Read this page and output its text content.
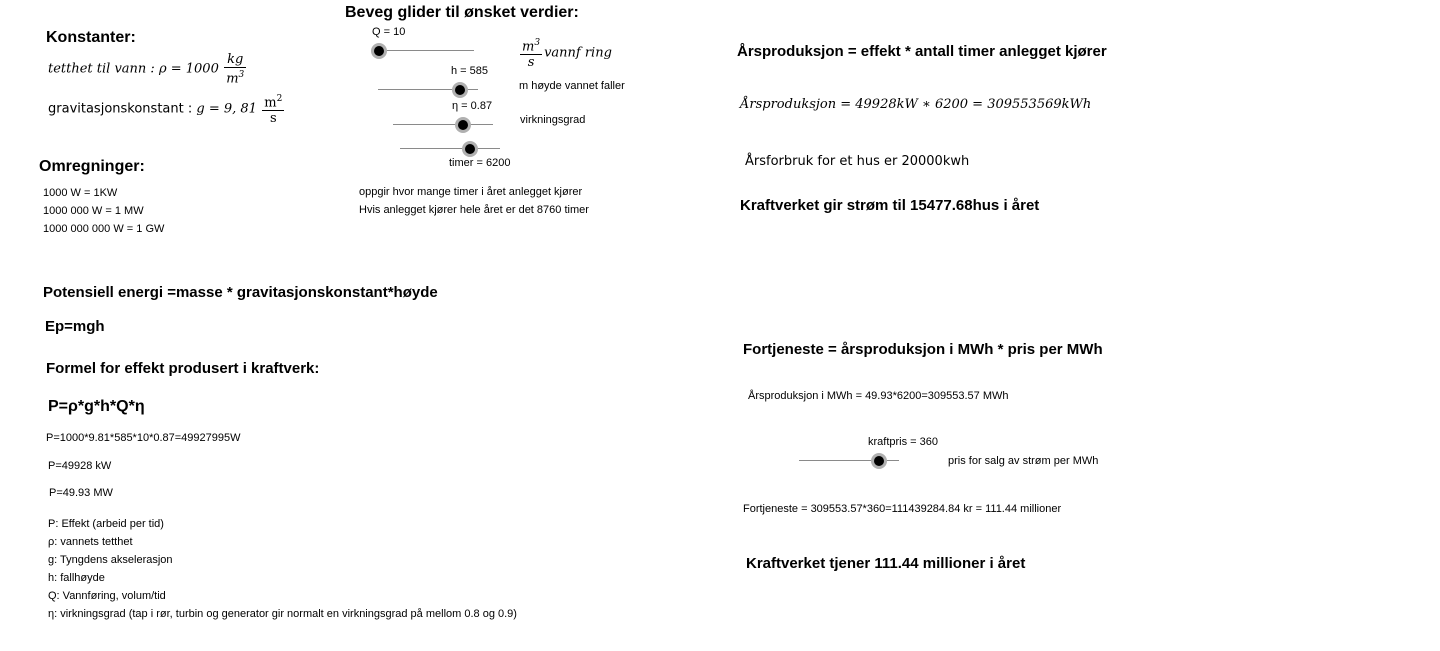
Konstanter:
tetthet til vann : $\rho = 1000 \frac{kg}{m^3}$
gravitasjonskonstant : g = 9, $81 \frac{m^2}{s}$
Omregninger:
1000 W = 1KW
1000 000 W = 1 MW
1000 000 000 W = 1 GW
Beveg glider til ønsket verdier:
Q = 10
$\frac{m^3}{s}$ vannf ring
h = 585
m høyde vannet faller
η = 0.87
virkningsgrad
timer = 6200
oppgir hvor mange timer i året anlegget kjører
Hvis anlegget kjører hele året er det 8760 timer
Potensiell energi =masse * gravitasjonskonstant*høyde
Ep=mgh
Formel for effekt produsert i kraftverk:
P=ρ*g*h*Q*η
P=1000*9.81*585*10*0.87=49927995W
P=49928 kW
P=49.93 MW
P: Effekt (arbeid per tid)
ρ: vannets tetthet
g: Tyngdens akselerasjon
h: fallhøyde
Q: Vannføring, volum/tid
η: virkningsgrad (tap i rør, turbin og generator gir normalt en virkningsgrad på mellom 0.8 og 0.9)
Årsproduksjon = effekt * antall timer anlegget kjører
Årsproduksjon = 49928kW ∗ 6200 = 309553569kWh
Årsforbruk for et hus er 20000kwh
Kraftverket gir strøm til 15477.68hus i året
Fortjeneste = årsproduksjon i MWh * pris per MWh
Årsproduksjon i MWh = 49.93*6200=309553.57 MWh
kraftpris = 360
pris for salg av strøm per MWh
Fortjeneste = 309553.57*360=111439284.84 kr = 111.44 millioner
Kraftverket tjener 111.44 millioner i året
